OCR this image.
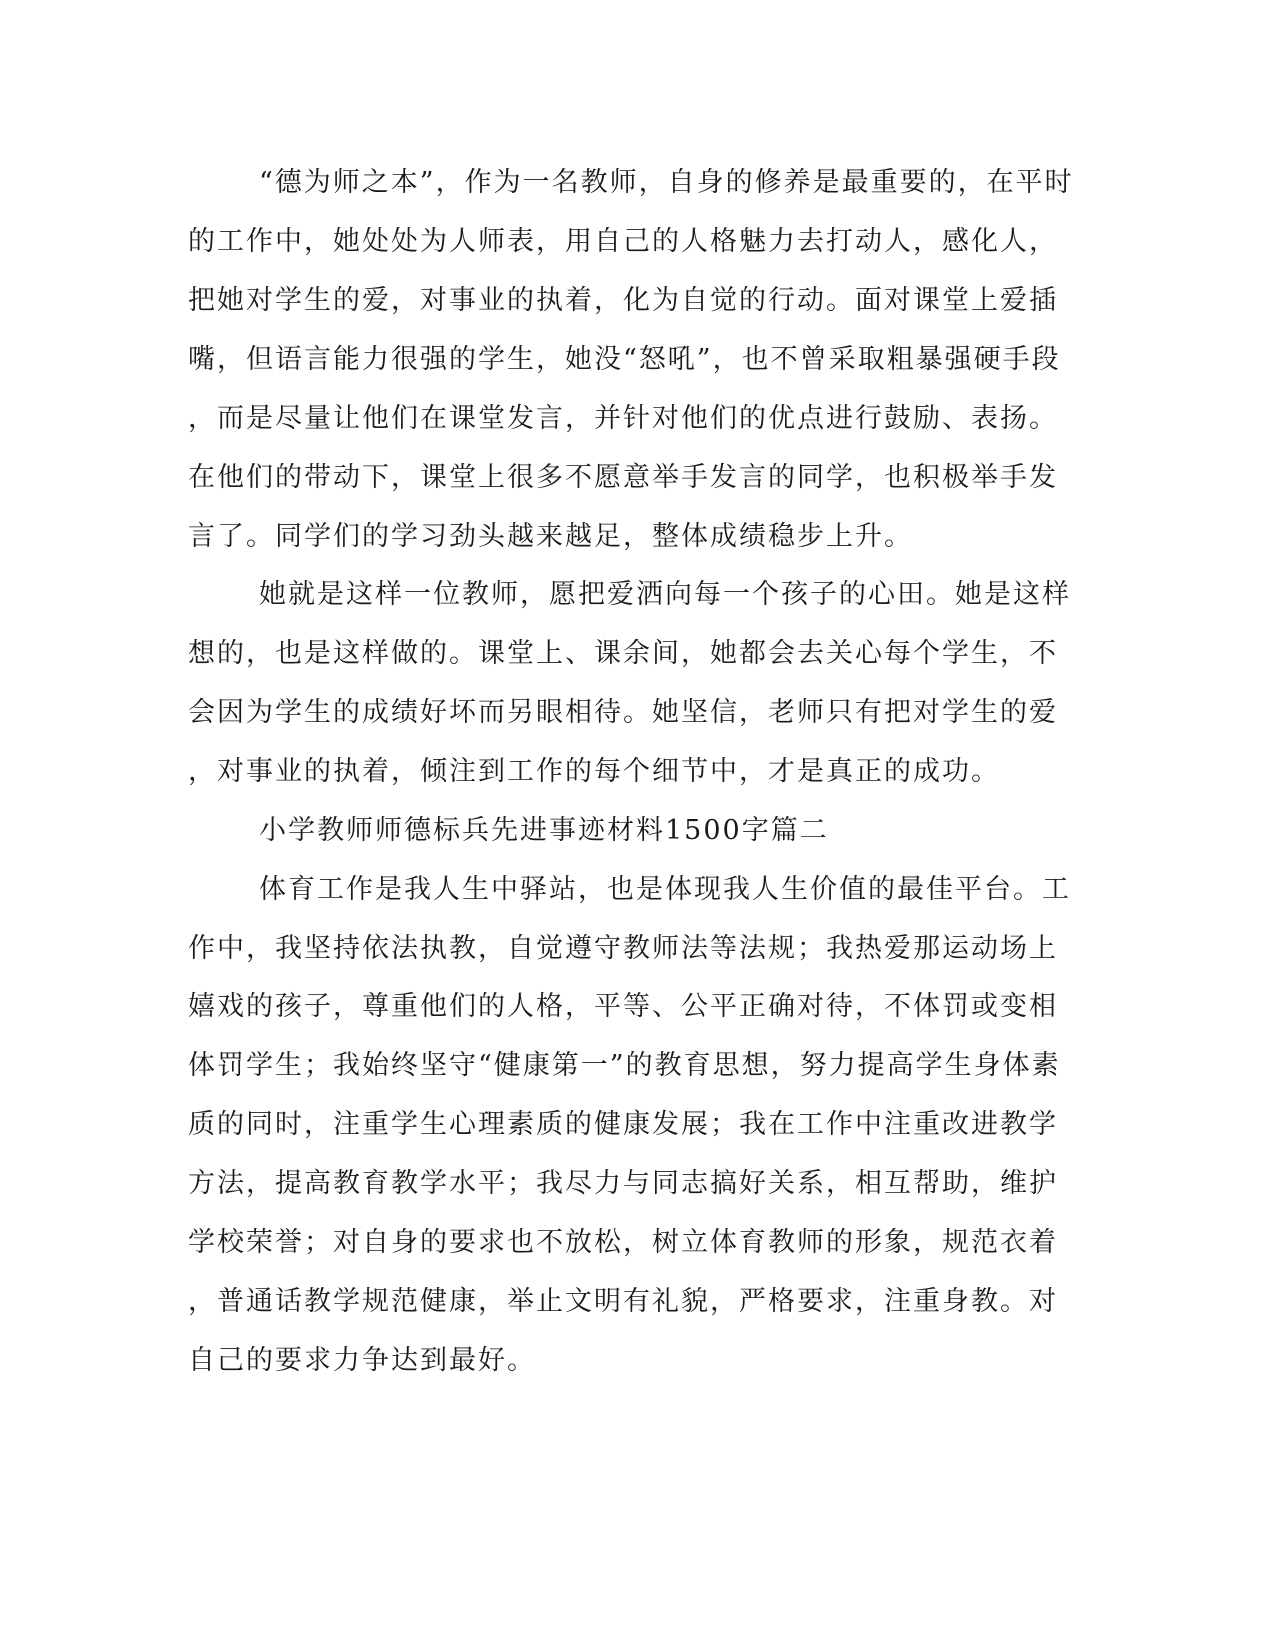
“德为师之本”，作为一名教师，自身的修养是最重要的，在平时
的工作中，她处处为人师表，用自己的人格魅力去打动人，感化人，
把她对学生的爱，对事业的执着，化为自觉的行动。面对课堂上爱插
嘴，但语言能力很强的学生，她没“怒吼”，也不曾采取粗暴强硬手段
，而是尽量让他们在课堂发言，并针对他们的优点进行鼓励、表扬。
在他们的带动下，课堂上很多不愿意举手发言的同学，也积极举手发
言了。同学们的学习劲头越来越足，整体成绩稳步上升。
她就是这样一位教师，愿把爱洒向每一个孩子的心田。她是这样
想的，也是这样做的。课堂上、课余间，她都会去关心每个学生，不
会因为学生的成绩好坏而另眼相待。她坚信，老师只有把对学生的爱
，对事业的执着，倾注到工作的每个细节中，才是真正的成功。
小学教师师德标兵先进事迹材料1500字篇二
体育工作是我人生中驿站，也是体现我人生价值的最佳平台。工
作中，我坚持依法执教，自觉遵守教师法等法规；我热爱那运动场上
嬉戏的孩子，尊重他们的人格，平等、公平正确对待，不体罚或变相
体罚学生；我始终坚守“健康第一”的教育思想，努力提高学生身体素
质的同时，注重学生心理素质的健康发展；我在工作中注重改进教学
方法，提高教育教学水平；我尽力与同志搞好关系，相互帮助，维护
学校荣誉；对自身的要求也不放松，树立体育教师的形象，规范衣着
，普通话教学规范健康，举止文明有礼貌，严格要求，注重身教。对
自己的要求力争达到最好。
